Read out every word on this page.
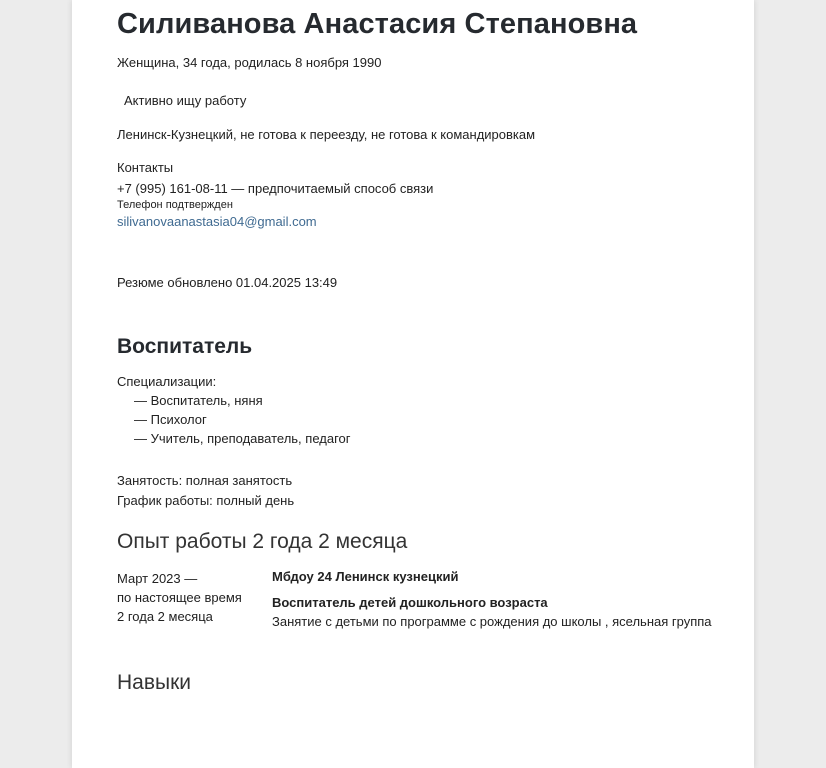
Силиванова Анастасия Степановна
Женщина, 34 года, родилась 8 ноября 1990
Активно ищу работу
Ленинск-Кузнецкий, не готова к переезду, не готова к командировкам
Контакты
+7 (995) 161-08-11 — предпочитаемый способ связи
Телефон подтвержден
silivanovaanastasia04@gmail.com
Резюме обновлено 01.04.2025 13:49
Воспитатель
Специализации:
— Воспитатель, няня
— Психолог
— Учитель, преподаватель, педагог
Занятость: полная занятость
График работы: полный день
Опыт работы 2 года 2 месяца
Март 2023 —
по настоящее время
2 года 2 месяца
Мбдоу 24 Ленинск кузнецкий
Воспитатель детей дошкольного возраста
Занятие с детьми по программе с рождения до школы , ясельная группа
Навыки
